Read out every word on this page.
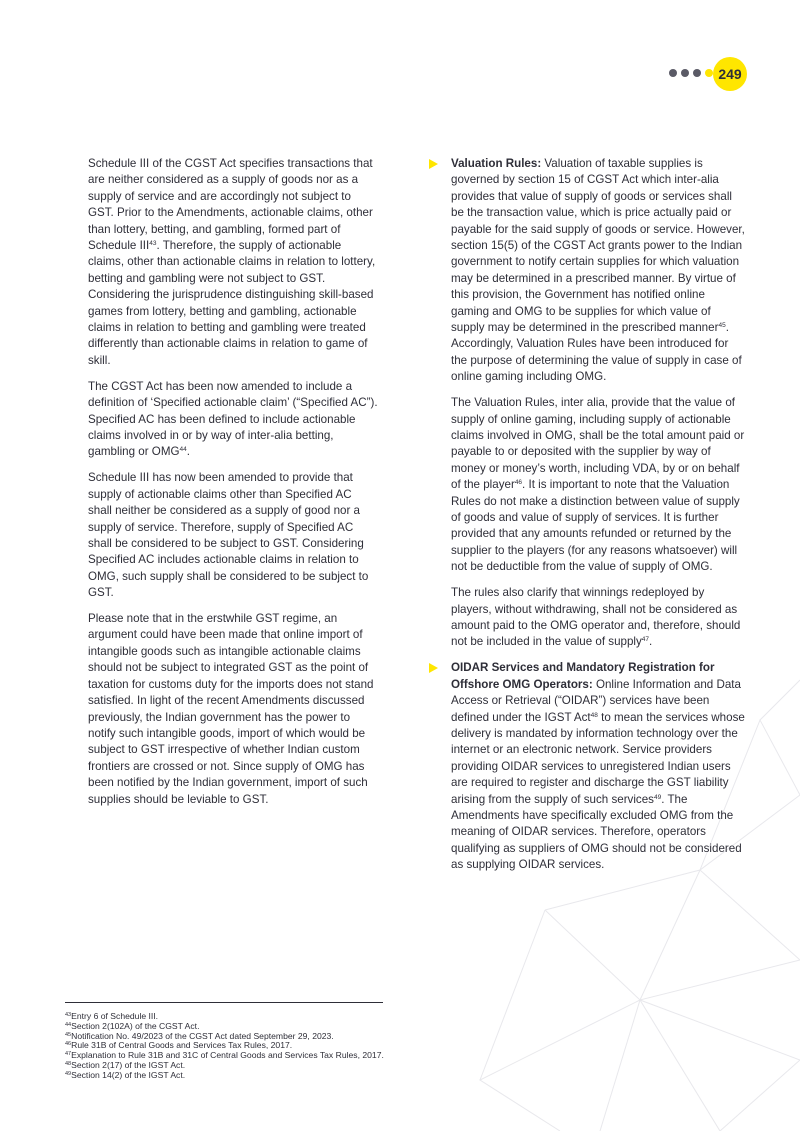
249

Schedule III of the CGST Act specifies transactions that are neither considered as a supply of goods nor as a supply of service and are accordingly not subject to GST. Prior to the Amendments, actionable claims, other than lottery, betting, and gambling, formed part of Schedule III$^{43}$. Therefore, the supply of actionable claims, other than actionable claims in relation to lottery, betting and gambling were not subject to GST. Considering the jurisprudence distinguishing skill-based games from lottery, betting and gambling, actionable claims in relation to betting and gambling were treated differently than actionable claims in relation to game of skill.

The CGST Act has been now amended to include a definition of ‘Specified actionable claim’ (“Specified AC”). Specified AC has been defined to include actionable claims involved in or by way of inter-alia betting, gambling or OMG$^{44}$.

Schedule III has now been amended to provide that supply of actionable claims other than Specified AC shall neither be considered as a supply of good nor a supply of service. Therefore, supply of Specified AC shall be considered to be subject to GST. Considering Specified AC includes actionable claims in relation to OMG, such supply shall be considered to be subject to GST.

Please note that in the erstwhile GST regime, an argument could have been made that online import of intangible goods such as intangible actionable claims should not be subject to integrated GST as the point of taxation for customs duty for the imports does not stand satisfied. In light of the recent Amendments discussed previously, the Indian government has the power to notify such intangible goods, import of which would be subject to GST irrespective of whether Indian custom frontiers are crossed or not. Since supply of OMG has been notified by the Indian government, import of such supplies should be leviable to GST.

Valuation Rules: Valuation of taxable supplies is governed by section 15 of CGST Act which inter-alia provides that value of supply of goods or services shall be the transaction value, which is price actually paid or payable for the said supply of goods or service. However, section 15(5) of the CGST Act grants power to the Indian government to notify certain supplies for which valuation may be determined in a prescribed manner. By virtue of this provision, the Government has notified online gaming and OMG to be supplies for which value of supply may be determined in the prescribed manner$^{45}$. Accordingly, Valuation Rules have been introduced for the purpose of determining the value of supply in case of online gaming including OMG.

The Valuation Rules, inter alia, provide that the value of supply of online gaming, including supply of actionable claims involved in OMG, shall be the total amount paid or payable to or deposited with the supplier by way of money or money’s worth, including VDA, by or on behalf of the player$^{46}$. It is important to note that the Valuation Rules do not make a distinction between value of supply of goods and value of supply of services. It is further provided that any amounts refunded or returned by the supplier to the players (for any reasons whatsoever) will not be deductible from the value of supply of OMG.

The rules also clarify that winnings redeployed by players, without withdrawing, shall not be considered as amount paid to the OMG operator and, therefore, should not be included in the value of supply$^{47}$.

OIDAR Services and Mandatory Registration for Offshore OMG Operators: Online Information and Data Access or Retrieval (“OIDAR”) services have been defined under the IGST Act$^{48}$ to mean the services whose delivery is mandated by information technology over the internet or an electronic network. Service providers providing OIDAR services to unregistered Indian users are required to register and discharge the GST liability arising from the supply of such services$^{49}$. The Amendments have specifically excluded OMG from the meaning of OIDAR services. Therefore, operators qualifying as suppliers of OMG should not be considered as supplying OIDAR services.

$^{43}$Entry 6 of Schedule III.
$^{44}$Section 2(102A) of the CGST Act.
$^{45}$Notification No. 49/2023 of the CGST Act dated September 29, 2023.
$^{46}$Rule 31B of Central Goods and Services Tax Rules, 2017.
$^{47}$Explanation to Rule 31B and 31C of Central Goods and Services Tax Rules, 2017.
$^{48}$Section 2(17) of the IGST Act.
$^{49}$Section 14(2) of the IGST Act.
